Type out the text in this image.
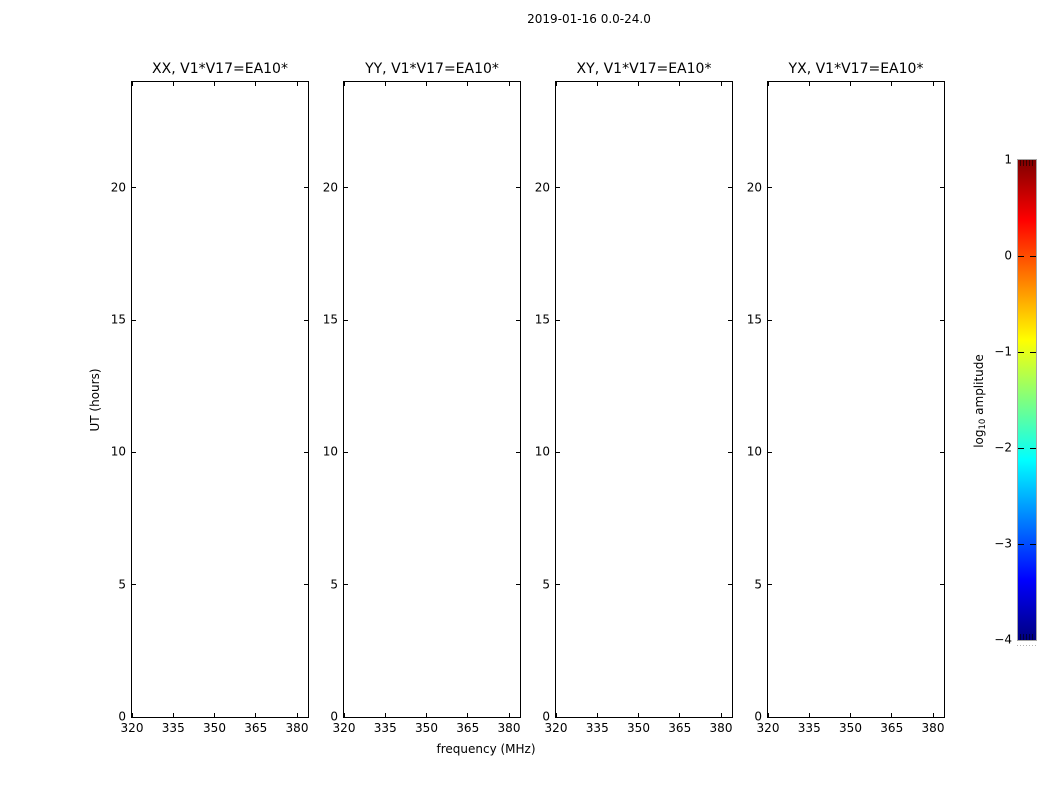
2019-01-16 0.0-24.0
XX, V1*V17=EA10*
320 335 350 365 380
0
5
10
15
20
YY, V1*V17=EA10*
320 335 350 365 380
0
5
10
15
20
XY, V1*V17=EA10*
320 335 350 365 380
0
5
10
15
20
YX, V1*V17=EA10*
320 335 350 365 380
0
5
10
15
20
frequency (MHz)
UT (hours)
1
0
−1
−2
−3
−4
log10 amplitude
